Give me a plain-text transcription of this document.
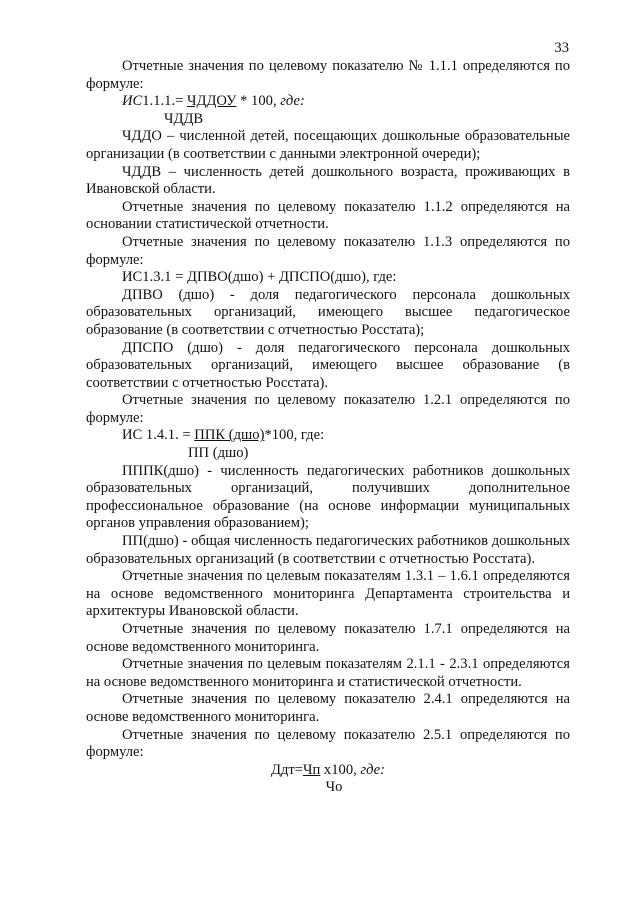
33

Отчетные значения по целевому показателю № 1.1.1 определяются по формуле:

ИС1.1.1.= ЧДДОУ * 100, где:
ЧДДВ

ЧДДО – численной детей, посещающих дошкольные образовательные организации (в соответствии с данными электронной очереди);

ЧДДВ – численность детей дошкольного возраста, проживающих в Ивановской области.

Отчетные значения по целевому показателю 1.1.2 определяются на основании статистической отчетности.

Отчетные значения по целевому показателю 1.1.3 определяются по формуле:

ИС1.3.1 = ДПВО(дшо) + ДПСПО(дшо), где:

ДПВО (дшо) - доля педагогического персонала дошкольных образовательных организаций, имеющего высшее педагогическое образование (в соответствии с отчетностью Росстата);

ДПСПО (дшо) - доля педагогического персонала дошкольных образовательных организаций, имеющего высшее образование (в соответствии с отчетностью Росстата).

Отчетные значения по целевому показателю 1.2.1 определяются по формуле:

ИС 1.4.1. = ППК (дшо)*100, где:
ПП (дшо)

ПППК(дшо) - численность педагогических работников дошкольных образовательных организаций, получивших дополнительное профессиональное образование (на основе информации муниципальных органов управления образованием);

ПП(дшо) - общая численность педагогических работников дошкольных образовательных организаций (в соответствии с отчетностью Росстата).

Отчетные значения по целевым показателям 1.3.1 – 1.6.1 определяются на основе ведомственного мониторинга Департамента строительства и архитектуры Ивановской области.

Отчетные значения по целевому показателю 1.7.1 определяются на основе ведомственного мониторинга.

Отчетные значения по целевым показателям 2.1.1 - 2.3.1 определяются на основе ведомственного мониторинга и статистической отчетности.

Отчетные значения по целевому показателю 2.4.1 определяются на основе ведомственного мониторинга.

Отчетные значения по целевому показателю 2.5.1 определяются по формуле:

Ддт=Чп х100, где:
Чо
